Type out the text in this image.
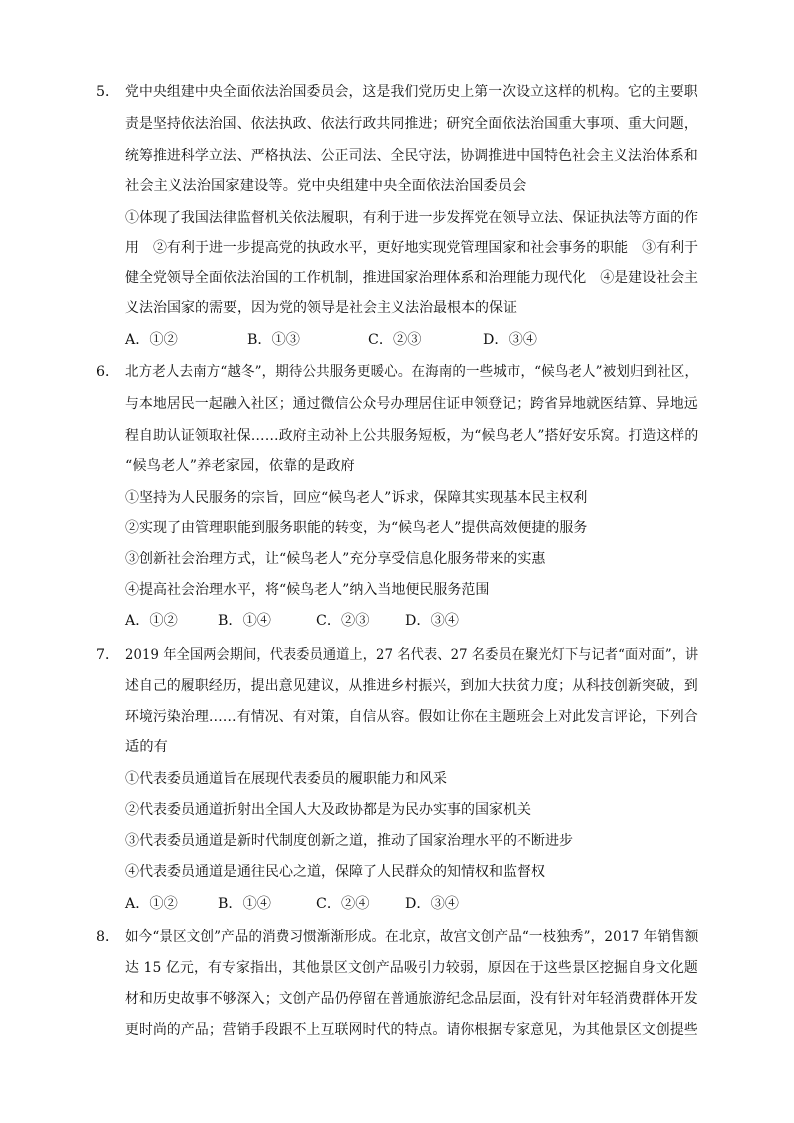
5． 党中央组建中央全面依法治国委员会，这是我们党历史上第一次设立这样的机构。它的主要职
责是坚持依法治国、依法执政、依法行政共同推进；研究全面依法治国重大事项、重大问题，
统筹推进科学立法、严格执法、公正司法、全民守法，协调推进中国特色社会主义法治体系和
社会主义法治国家建设等。党中央组建中央全面依法治国委员会
①体现了我国法律监督机关依法履职，有利于进一步发挥党在领导立法、保证执法等方面的作
用　②有利于进一步提高党的执政水平，更好地实现党管理国家和社会事务的职能　③有利于
健全党领导全面依法治国的工作机制，推进国家治理体系和治理能力现代化　④是建设社会主
义法治国家的需要，因为党的领导是社会主义法治最根本的保证
A．①②	B．①③	C．②③	D．③④
6． 北方老人去南方“越冬”，期待公共服务更暖心。在海南的一些城市，“候鸟老人”被划归到社区，
与本地居民一起融入社区；通过微信公众号办理居住证申领登记；跨省异地就医结算、异地远
程自助认证领取社保……政府主动补上公共服务短板，为“候鸟老人”搭好安乐窝。打造这样的
“候鸟老人”养老家园，依靠的是政府
①坚持为人民服务的宗旨，回应“候鸟老人”诉求，保障其实现基本民主权利
②实现了由管理职能到服务职能的转变，为“候鸟老人”提供高效便捷的服务
③创新社会治理方式，让“候鸟老人”充分享受信息化服务带来的实惠
④提高社会治理水平，将“候鸟老人”纳入当地便民服务范围
A．①②	B．①④	C．②③	D．③④
7． 2019 年全国两会期间，代表委员通道上，27 名代表、27 名委员在聚光灯下与记者“面对面”，讲
述自己的履职经历，提出意见建议，从推进乡村振兴，到加大扶贫力度；从科技创新突破，到
环境污染治理……有情况、有对策，自信从容。假如让你在主题班会上对此发言评论，下列合
适的有
①代表委员通道旨在展现代表委员的履职能力和风采
②代表委员通道折射出全国人大及政协都是为民办实事的国家机关
③代表委员通道是新时代制度创新之道，推动了国家治理水平的不断进步
④代表委员通道是通往民心之道，保障了人民群众的知情权和监督权
A．①②	B．①④	C．②④	D．③④
8． 如今“景区文创”产品的消费习惯渐渐形成。在北京，故宫文创产品“一枝独秀”，2017 年销售额
达 15 亿元，有专家指出，其他景区文创产品吸引力较弱，原因在于这些景区挖掘自身文化题
材和历史故事不够深入；文创产品仍停留在普通旅游纪念品层面，没有针对年轻消费群体开发
更时尚的产品；营销手段跟不上互联网时代的特点。请你根据专家意见，为其他景区文创提些
